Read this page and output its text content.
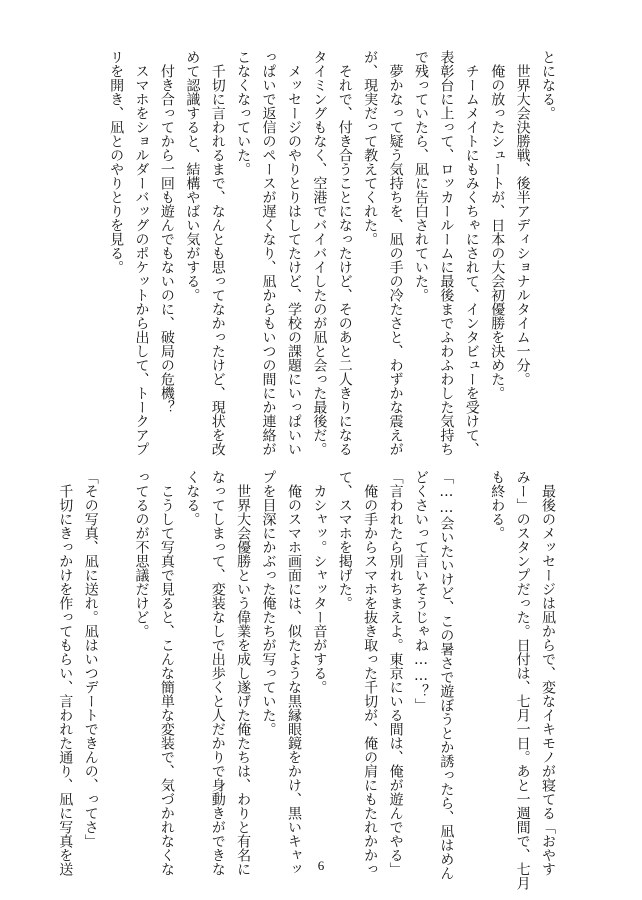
とになる。
　世界大会決勝戦、後半アディショナルタイム一分。
　俺の放ったシュートが、日本の大会初優勝を決めた。
　チームメイトにもみくちゃにされて、インタビューを受けて、
表彰台に上って、ロッカールームに最後までふわふわした気持ち
で残っていたら、凪に告白されていた。
　夢かなって疑う気持ちを、凪の手の冷たさと、わずかな震えが
が、現実だって教えてくれた。
　それで、付き合うことになったけど、そのあと二人きりになる
タイミングもなく、空港でバイバイしたのが凪と会った最後だ。
　メッセージのやりとりはしてたけど、学校の課題にいっぱいい
っぱいで返信のペースが遅くなり、凪からもいつの間にか連絡が
こなくなっていた。
　千切に言われるまで、なんとも思ってなかったけど、現状を改
めて認識すると、結構やばい気がする。
　付き合ってから一回も遊んでもないのに、破局の危機？
　スマホをショルダーバッグのポケットから出して、トークアプ
リを開き、凪とのやりとりを見る。
　最後のメッセージは凪からで、変なイキモノが寝てる「おやす
みー」のスタンプだった。日付は、七月一日。あと一週間で、七月
も終わる。

「……会いたいけど、この暑さで遊ぼうとか誘ったら、凪はめん
どくさいって言いそうじゃね……？」
「言われたら別れちまえよ。東京にいる間は、俺が遊んでやる」
　俺の手からスマホを抜き取った千切が、俺の肩にもたれかかっ
て、スマホを掲げた。
　カシャッ。シャッター音がする。
　俺のスマホ画面には、似たような黒縁眼鏡をかけ、黒いキャッ
プを目深にかぶった俺たちが写っていた。
　世界大会優勝という偉業を成し遂げた俺たちは、わりと有名に
なってしまって、変装なしで出歩くと人だかりで身動きができな
くなる。
　こうして写真で見ると、こんな簡単な変装で、気づかれなくな
ってるのが不思議だけど。

「その写真、凪に送れ。凪はいつデートできんの、ってさ」
　千切にきっかけを作ってもらい、言われた通り、凪に写真を送	6
